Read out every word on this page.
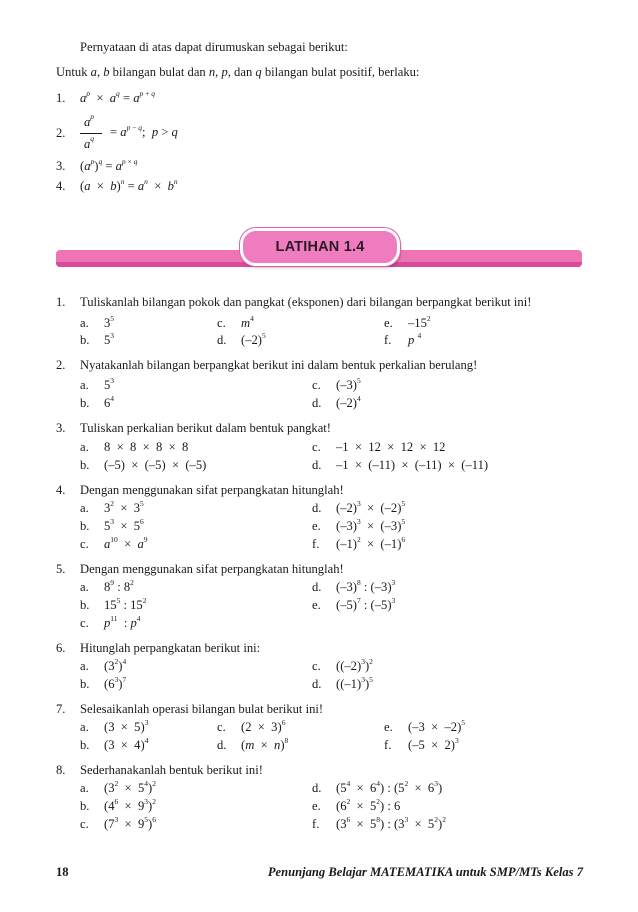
Pernyataan di atas dapat dirumuskan sebagai berikut:
Untuk a, b bilangan bulat dan n, p, dan q bilangan bulat positif, berlaku:
1. $a^p \times a^q = a^{p + q}$
2.
$a^p$
$a^q = a^{p - q}$;  p > q
3. $(a^p)^q = a^{p \times q}$
4. $(a \times b)^n = a^n \times b^n$
LATIHAN 1.4
1. Tuliskanlah bilangan pokok dan pangkat (eksponen) dari bilangan berpangkat berikut ini!
a. $3^5$	c. $m^4$	e. $-15^2$
b. $5^3$	d. $(-2)^5$	f. p $^4$
2. Nyatakanlah bilangan berpangkat berikut ini dalam bentuk perkalian berulang!
a. $5^3$	c. $(-3)^5$
b. $6^4$	d. $(-2)^4$
3. Tuliskan perkalian berikut dalam bentuk pangkat!
a. 8  ×  8  ×  8  ×  8	c. –1  ×  12  ×  12  ×  12
b. (–5)  ×  (–5)  ×  (–5)	d. –1  ×  (–11)  ×  (–11)  ×  (–11)
4. Dengan menggunakan sifat perpangkatan hitunglah!
a. $3^2 \times 3^5$	d. $(-2)^3 \times (-2)^5$
b. $5^3 \times 5^6$	e. $(-3)^3 \times (-3)^5$
c. $a^{10} \times a^9$	f. $(-1)^2 \times (-1)^6$
5. Dengan menggunakan sifat perpangkatan hitunglah!
a. $8^9$ : $8^2$	d. $(-3)^8$ : $(-3)^3$
b. $15^5$ : $15^2$	e. $(-5)^7$ : $(-5)^3$
c. $p^{11}$  : $p^4$
6. Hitunglah perpangkatan berikut ini:
a. $(3^2)^4$	c. $((-2)^3)^2$
b. $(6^3)^7$	d. $((-1)^3)^5$
7. Selesaikanlah operasi bilangan bulat berikut ini!
a. $(3 \times 5)^3$	c. $(2 \times 3)^6$	e. $(-3 \times -2)^5$
b. $(3 \times 4)^4$	d. $(m \times n)^8$	f. $(-5 \times 2)^3$
8. Sederhanakanlah bentuk berikut ini!
a. $(3^2 \times 5^4)^2$	d. $(5^4 \times 6^4)$ : $(5^2 \times 6^3)$
b. $(4^6 \times 9^3)^2$	e. $(6^2 \times 5^2)$ : 6
c. $(7^3 \times 9^5)^6$	f. $(3^6 \times 5^8)$ : $(3^3 \times 5^2)^2$
18	Penunjang Belajar MATEMATIKA untuk SMP/MTs Kelas 7
